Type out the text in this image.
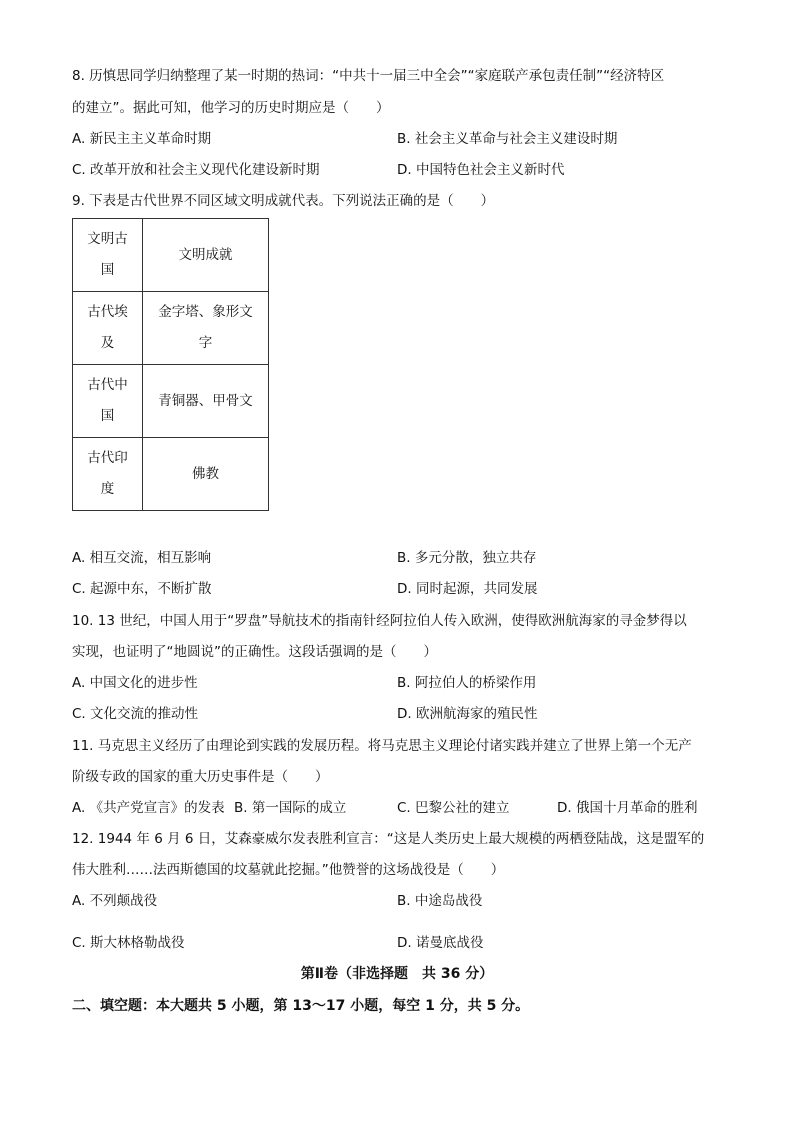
8. 历慎思同学归纳整理了某一时期的热词：“中共十一届三中全会”“家庭联产承包责任制”“经济特区
的建立”。据此可知，他学习的历史时期应是（　　）
A. 新民主主义革命时期	B. 社会主义革命与社会主义建设时期
C. 改革开放和社会主义现代化建设新时期	D. 中国特色社会主义新时代
9. 下表是古代世界不同区域文明成就代表。下列说法正确的是（　　）
文明古国	文明成就
古代埃及	金字塔、象形文字
古代中国	青铜器、甲骨文
古代印度	佛教
A. 相互交流，相互影响	B. 多元分散，独立共存
C. 起源中东，不断扩散	D. 同时起源，共同发展
10. 13 世纪，中国人用于“罗盘”导航技术的指南针经阿拉伯人传入欧洲，使得欧洲航海家的寻金梦得以
实现，也证明了“地圆说”的正确性。这段话强调的是（　　）
A. 中国文化的进步性	B. 阿拉伯人的桥梁作用
C. 文化交流的推动性	D. 欧洲航海家的殖民性
11. 马克思主义经历了由理论到实践的发展历程。将马克思主义理论付诸实践并建立了世界上第一个无产
阶级专政的国家的重大历史事件是（　　）
A. 《共产党宣言》的发表 B. 第一国际的成立	C. 巴黎公社的建立	D. 俄国十月革命的胜利
12. 1944 年 6 月 6 日，艾森豪威尔发表胜利宣言：“这是人类历史上最大规模的两栖登陆战，这是盟军的
伟大胜利……法西斯德国的坟墓就此挖掘。”他赞誉的这场战役是（　　）
A. 不列颠战役	B. 中途岛战役
C. 斯大林格勒战役	D. 诺曼底战役
第Ⅱ卷（非选择题　共 36 分）
二、填空题：本大题共 5 小题，第 13～17 小题，每空 1 分，共 5 分。
